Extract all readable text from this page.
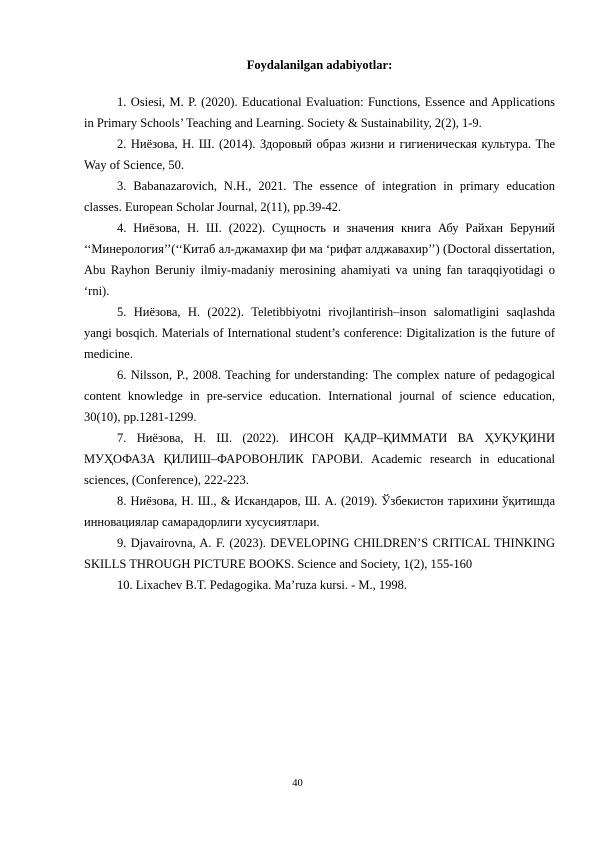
Foydalanilgan adabiyotlar:
1. Osiesi, M. P. (2020). Educational Evaluation: Functions, Essence and Applications in Primary Schools’ Teaching and Learning. Society & Sustainability, 2(2), 1-9.
2. Ниёзова, Н. Ш. (2014). Здоровый образ жизни и гигиеническая культура. The Way of Science, 50.
3. Babanazarovich, N.H., 2021. The essence of integration in primary education classes. European Scholar Journal, 2(11), pp.39-42.
4. Ниёзова, Н. Ш. (2022). Сущность и значения книга Абу Райхан Беруний ‘‘Минерология’’(‘‘Китаб ал-джамахир фи ма ‘рифат алджавахир’’) (Doctoral dissertation, Abu Rayhon Beruniy ilmiy-madaniy merosining ahamiyati va uning fan taraqqiyotidagi o ‘rni).
5. Ниёзова, Н. (2022). Teletibbiyotni rivojlantirish–inson salomatligini saqlashda yangi bosqich. Materials of International student’s conference: Digitalization is the future of medicine.
6. Nilsson, P., 2008. Teaching for understanding: The complex nature of pedagogical content knowledge in pre‐service education. International journal of science education, 30(10), pp.1281-1299.
7. Ниёзова, Н. Ш. (2022). ИНСОН ҚАДР–ҚИММАТИ ВА ҲУҚУҚИНИ МУҲОФАЗА ҚИЛИШ–ФАРОВОНЛИК ГАРОВИ. Academic research in educational sciences, (Conference), 222-223.
8. Ниёзова, Н. Ш., & Искандаров, Ш. А. (2019). Ўзбекистон тарихини ўқитишда инновациялар самарадорлиги хусусиятлари.
9. Djavairovna, A. F. (2023). DEVELOPING CHILDREN’S CRITICAL THINKING SKILLS THROUGH PICTURE BOOKS. Science and Society, 1(2), 155-160
10. Lixachev B.T. Pedagogika. Ma’ruza kursi. - M., 1998.
40
